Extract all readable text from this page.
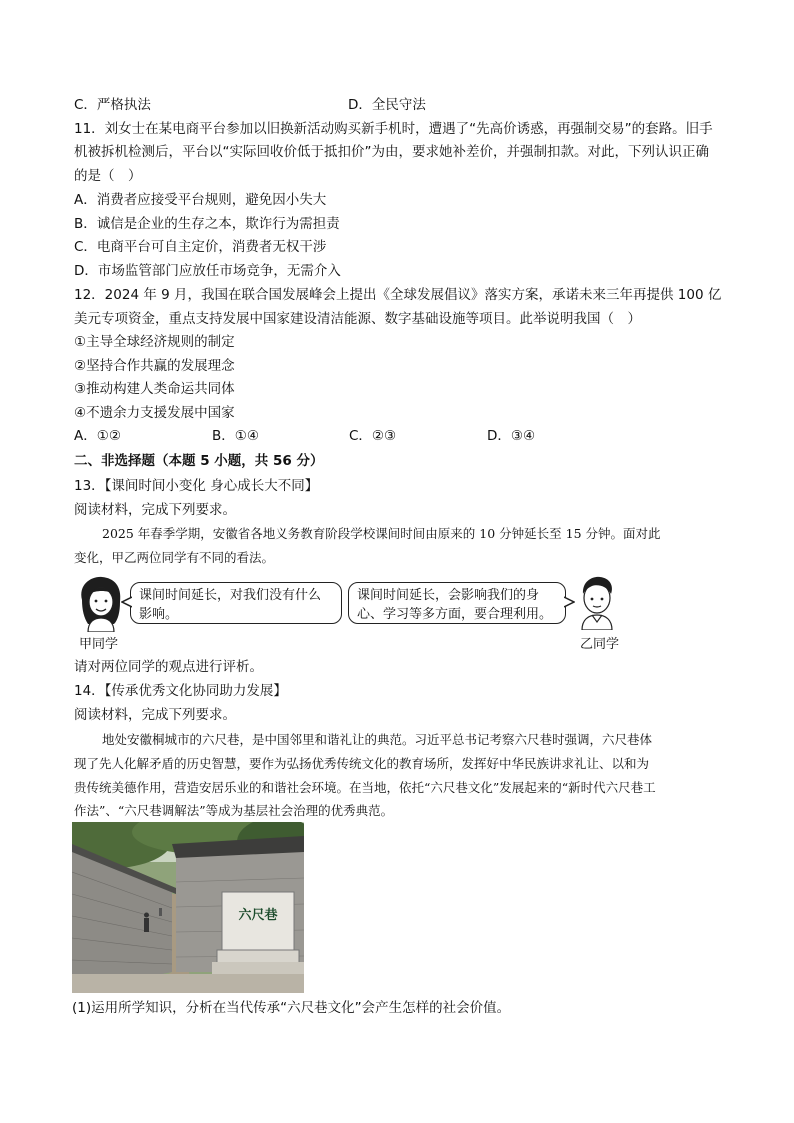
C．严格执法	D．全民守法
11．刘女士在某电商平台参加以旧换新活动购买新手机时，遭遇了“先高价诱惑，再强制交易”的套路。旧手
机被拆机检测后，平台以“实际回收价低于抵扣价”为由，要求她补差价，并强制扣款。对此，下列认识正确
的是（　）
A．消费者应接受平台规则，避免因小失大
B．诚信是企业的生存之本，欺诈行为需担责
C．电商平台可自主定价，消费者无权干涉
D．市场监管部门应放任市场竞争，无需介入
12．2024 年 9 月，我国在联合国发展峰会上提出《全球发展倡议》落实方案，承诺未来三年再提供 100 亿
美元专项资金，重点支持发展中国家建设清洁能源、数字基础设施等项目。此举说明我国（　）
①主导全球经济规则的制定
②坚持合作共赢的发展理念
③推动构建人类命运共同体
④不遗余力支援发展中国家
A．①②	B．①④	C．②③	D．③④
二、非选择题（本题 5 小题，共 56 分）
13．【课间时间小变化 身心成长大不同】
阅读材料，完成下列要求。
2025 年春季学期，安徽省各地义务教育阶段学校课间时间由原来的 10 分钟延长至 15 分钟。面对此
变化，甲乙两位同学有不同的看法。
课间时间延长，对我们没有什么
影响。
课间时间延长，会影响我们的身
心、学习等多方面，要合理利用。
甲同学	乙同学
请对两位同学的观点进行评析。
14．【传承优秀文化协同助力发展】
阅读材料，完成下列要求。
地处安徽桐城市的六尺巷，是中国邻里和谐礼让的典范。习近平总书记考察六尺巷时强调，六尺巷体
现了先人化解矛盾的历史智慧，要作为弘扬优秀传统文化的教育场所，发挥好中华民族讲求礼让、以和为
贵传统美德作用，营造安居乐业的和谐社会环境。在当地，依托“六尺巷文化”发展起来的“新时代六尺巷工
作法”、“六尺巷调解法”等成为基层社会治理的优秀典范。
六尺巷
(1)运用所学知识，分析在当代传承“六尺巷文化”会产生怎样的社会价值。
